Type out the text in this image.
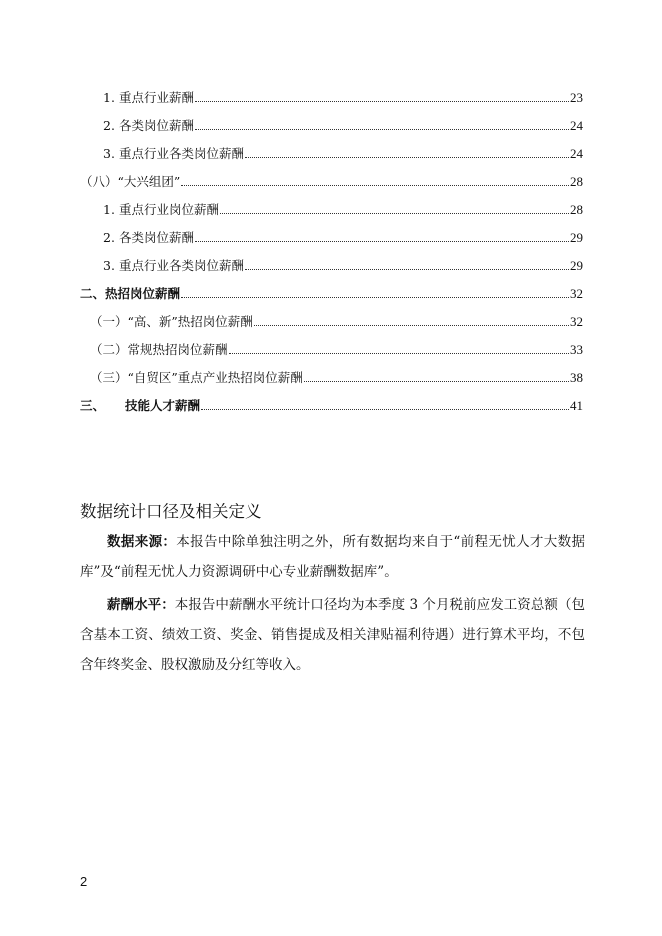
1. 重点行业薪酬	23
2. 各类岗位薪酬	24
3. 重点行业各类岗位薪酬	24
（八） “大兴组团”	28
1. 重点行业岗位薪酬	28
2. 各类岗位薪酬	29
3. 重点行业各类岗位薪酬	29
二、 热招岗位薪酬	32
（一） “高、新”热招岗位薪酬	32
（二） 常规热招岗位薪酬	33
（三） “自贸区”重点产业热招岗位薪酬	38
三、 技能人才薪酬	41
数据统计口径及相关定义

数据来源：本报告中除单独注明之外，所有数据均来自于“前程无忧人才大数据库”及“前程无忧人力资源调研中心专业薪酬数据库”。

薪酬水平：本报告中薪酬水平统计口径均为本季度 3 个月税前应发工资总额（包含基本工资、绩效工资、奖金、销售提成及相关津贴福利待遇）进行算术平均，不包含年终奖金、股权激励及分红等收入。

2
